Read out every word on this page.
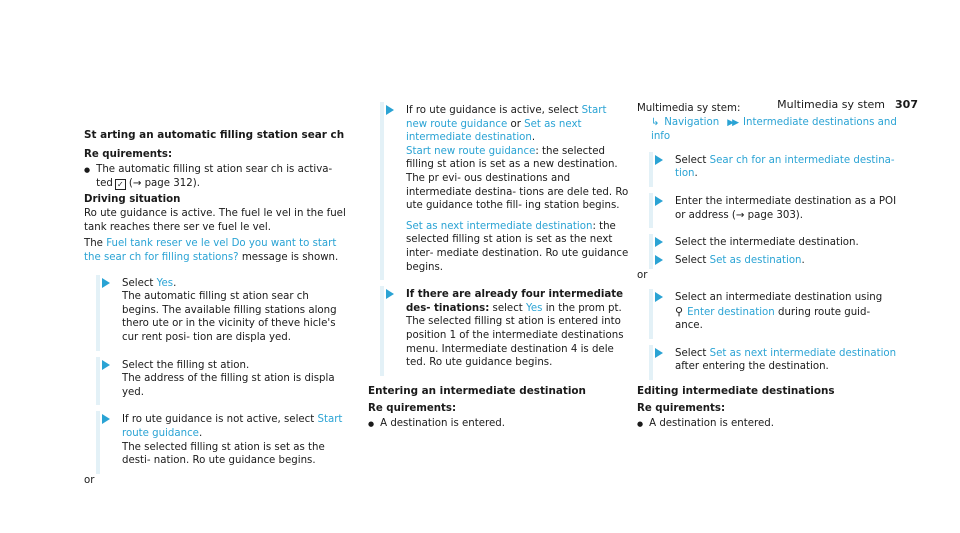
Multimedia sy stem 307
St arting an automatic filling station sear ch

Re quirements:

● The automatic filling st ation sear ch is activa‐
ted ✓ (→ page 312).

Driving situation

Ro ute guidance is active. The fuel le vel in the fuel tank reaches there ser ve fuel le vel.

The Fuel tank reser ve le vel Do you want to start the sear ch for filling stations? message is shown.

Select Yes.

The automatic filling st ation sear ch begins. The available filling stations along thero ute or in the vicinity of theve hicle's cur rent posi‐ tion are displa yed.

Select the filling st ation.

The address of the filling st ation is displa yed.

If ro ute guidance is not active, select Start route guidance.

The selected filling st ation is set as the desti‐ nation. Ro ute guidance begins.

or

If ro ute guidance is active, select Start new route guidance or Set as next intermediate destination.

Start new route guidance: the selected filling st ation is set as a new destination. The pr evi‐ ous destinations and intermediate destina‐ tions are dele ted. Ro ute guidance tothe fill‐ ing station begins.

Set as next intermediate destination: the selected filling st ation is set as the next inter‐ mediate destination. Ro ute guidance begins.

If there are already four intermediate des‐ tinations: select Yes in the prom pt.

The selected filling st ation is entered into position 1 of the intermediate destinations menu. Intermediate destination 4 is dele ted. Ro ute guidance begins.

Entering an intermediate destination

Re quirements:

● A destination is entered.

Multimedia sy stem:

↳ Navigation ▶▶ Intermediate destinations and info

Select Sear ch for an intermediate destina‐ tion.

Enter the intermediate destination as a POI or address (→ page 303).

Select the intermediate destination.

Select Set as destination.

or

Select an intermediate destination using

⚲ Enter destination during route guid‐ ance.

Select Set as next intermediate destination

after entering the destination.

Editing intermediate destinations

Re quirements:

● A destination is entered.
